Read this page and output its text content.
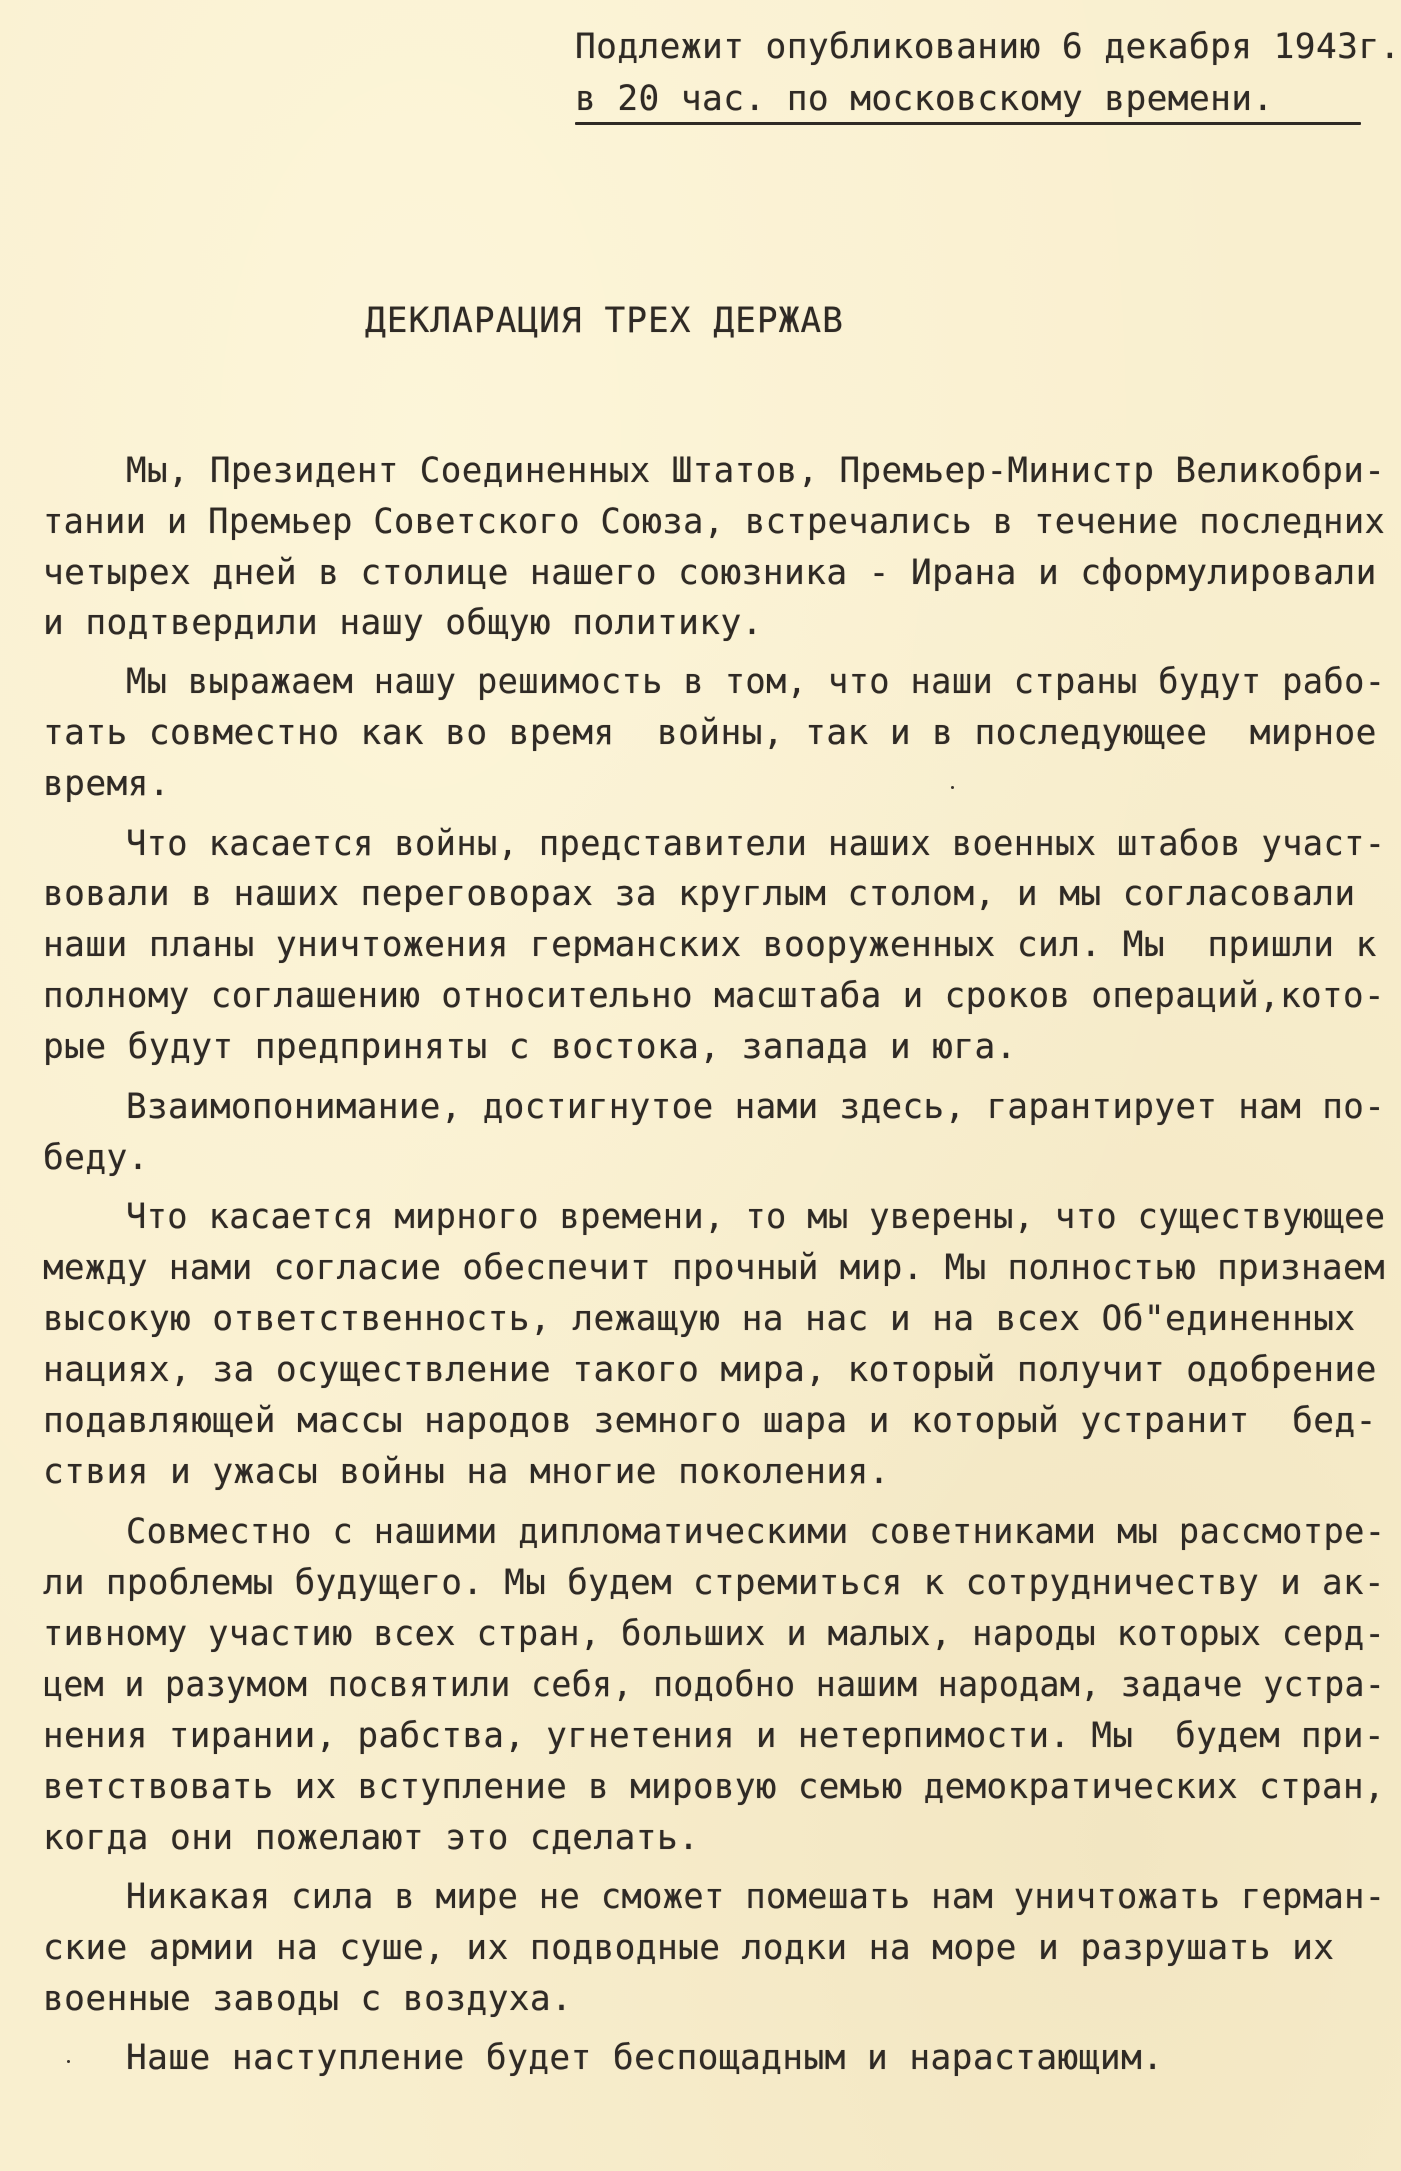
Подлежит опубликованию 6 декабря 1943г.
в 20 час. по московскому времени.
ДЕКЛАРАЦИЯ ТРЕХ ДЕРЖАВ
Мы, Президент Соединенных Штатов, Премьер-Министр Великобри-
тании и Премьер Советского Союза, встречались в течение последних
четырех дней в столице нашего союзника - Ирана и сформулировали
и подтвердили нашу общую политику.
Мы выражаем нашу решимость в том, что наши страны будут рабо-
тать совместно как во время  войны, так и в последующее  мирное
время.
Что касается войны, представители наших военных штабов участ-
вовали в наших переговорах за круглым столом, и мы согласовали
наши планы уничтожения германских вооруженных сил. Мы  пришли к
полному соглашению относительно масштаба и сроков операций,кото-
рые будут предприняты с востока, запада и юга.
Взаимопонимание, достигнутое нами здесь, гарантирует нам по-
беду.
Что касается мирного времени, то мы уверены, что существующее
между нами согласие обеспечит прочный мир. Мы полностью признаем
высокую ответственность, лежащую на нас и на всех Об"единенных
нациях, за осуществление такого мира, который получит одобрение
подавляющей массы народов земного шара и который устранит  бед-
ствия и ужасы войны на многие поколения.
Совместно с нашими дипломатическими советниками мы рассмотре-
ли проблемы будущего. Мы будем стремиться к сотрудничеству и ак-
тивному участию всех стран, больших и малых, народы которых серд-
цем и разумом посвятили себя, подобно нашим народам, задаче устра-
нения тирании, рабства, угнетения и нетерпимости. Мы  будем при-
ветствовать их вступление в мировую семью демократических стран,
когда они пожелают это сделать.
Никакая сила в мире не сможет помешать нам уничтожать герман-
ские армии на суше, их подводные лодки на море и разрушать их
военные заводы с воздуха.
Наше наступление будет беспощадным и нарастающим.
